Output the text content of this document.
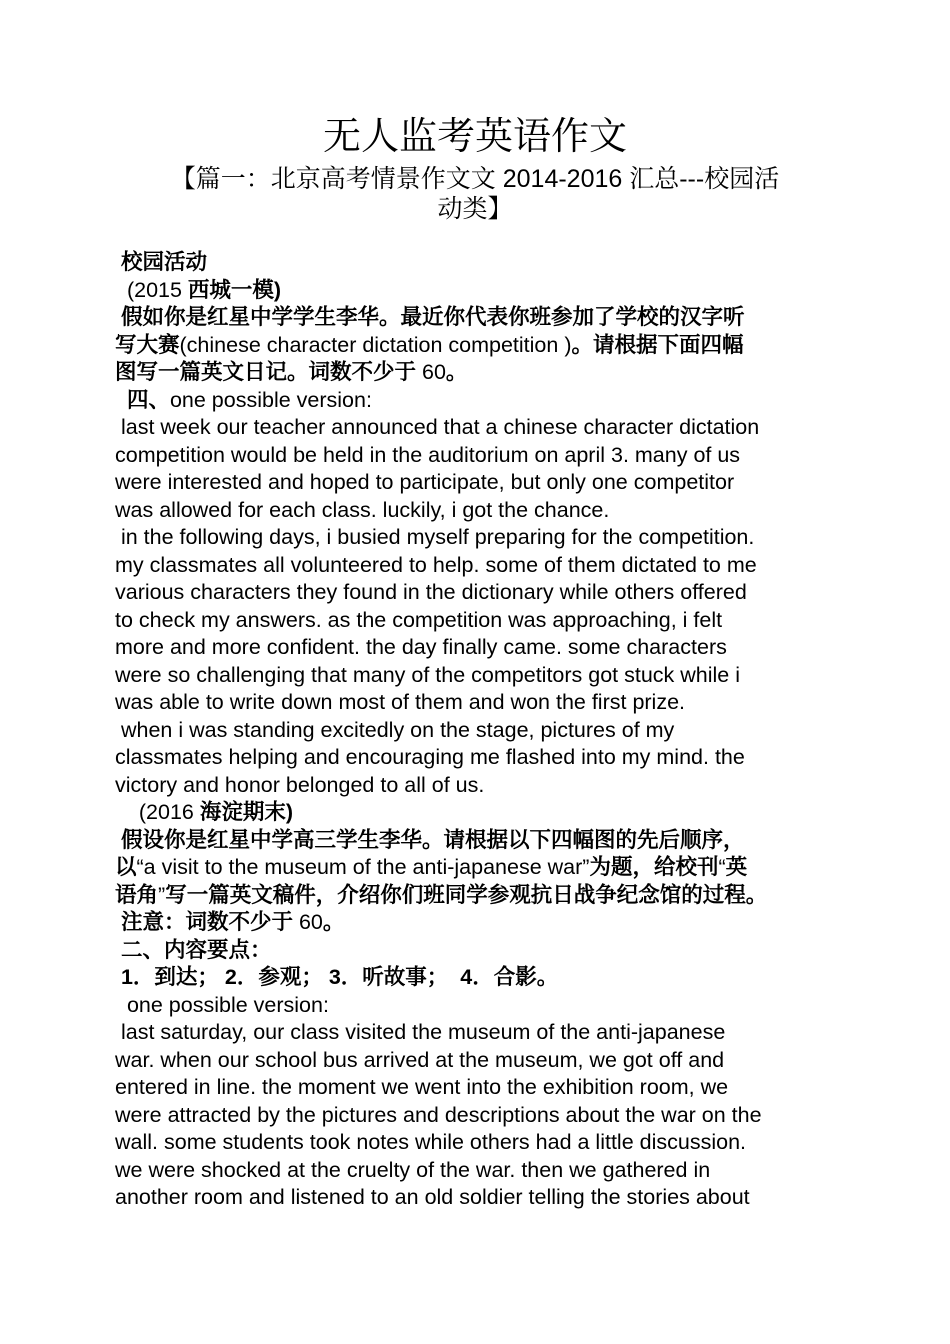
无人监考英语作文
【篇一：北京高考情景作文文 2014-2016 汇总---校园活
动类】
校园活动
(2015 西城一模)
假如你是红星中学学生李华。最近你代表你班参加了学校的汉字听
写大赛(chinese character dictation competition )。请根据下面四幅
图写一篇英文日记。词数不少于 60。
四、one possible version:
last week our teacher announced that a chinese character dictation
competition would be held in the auditorium on april 3. many of us
were interested and hoped to participate, but only one competitor
was allowed for each class. luckily, i got the chance.
in the following days, i busied myself preparing for the competition.
my classmates all volunteered to help. some of them dictated to me
various characters they found in the dictionary while others offered
to check my answers. as the competition was approaching, i felt
more and more confident. the day finally came. some characters
were so challenging that many of the competitors got stuck while i
was able to write down most of them and won the first prize.
when i was standing excitedly on the stage, pictures of my
classmates helping and encouraging me flashed into my mind. the
victory and honor belonged to all of us.
(2016 海淀期末)
假设你是红星中学高三学生李华。请根据以下四幅图的先后顺序，
以“a visit to the museum of the anti-japanese war”为题，给校刊“英
语角”写一篇英文稿件，介绍你们班同学参观抗日战争纪念馆的过程。
注意：词数不少于 60。
二、内容要点：
1．到达； 2．参观； 3．听故事；  4．合影。
one possible version:
last saturday, our class visited the museum of the anti-japanese
war. when our school bus arrived at the museum, we got off and
entered in line. the moment we went into the exhibition room, we
were attracted by the pictures and descriptions about the war on the
wall. some students took notes while others had a little discussion.
we were shocked at the cruelty of the war. then we gathered in
another room and listened to an old soldier telling the stories about
